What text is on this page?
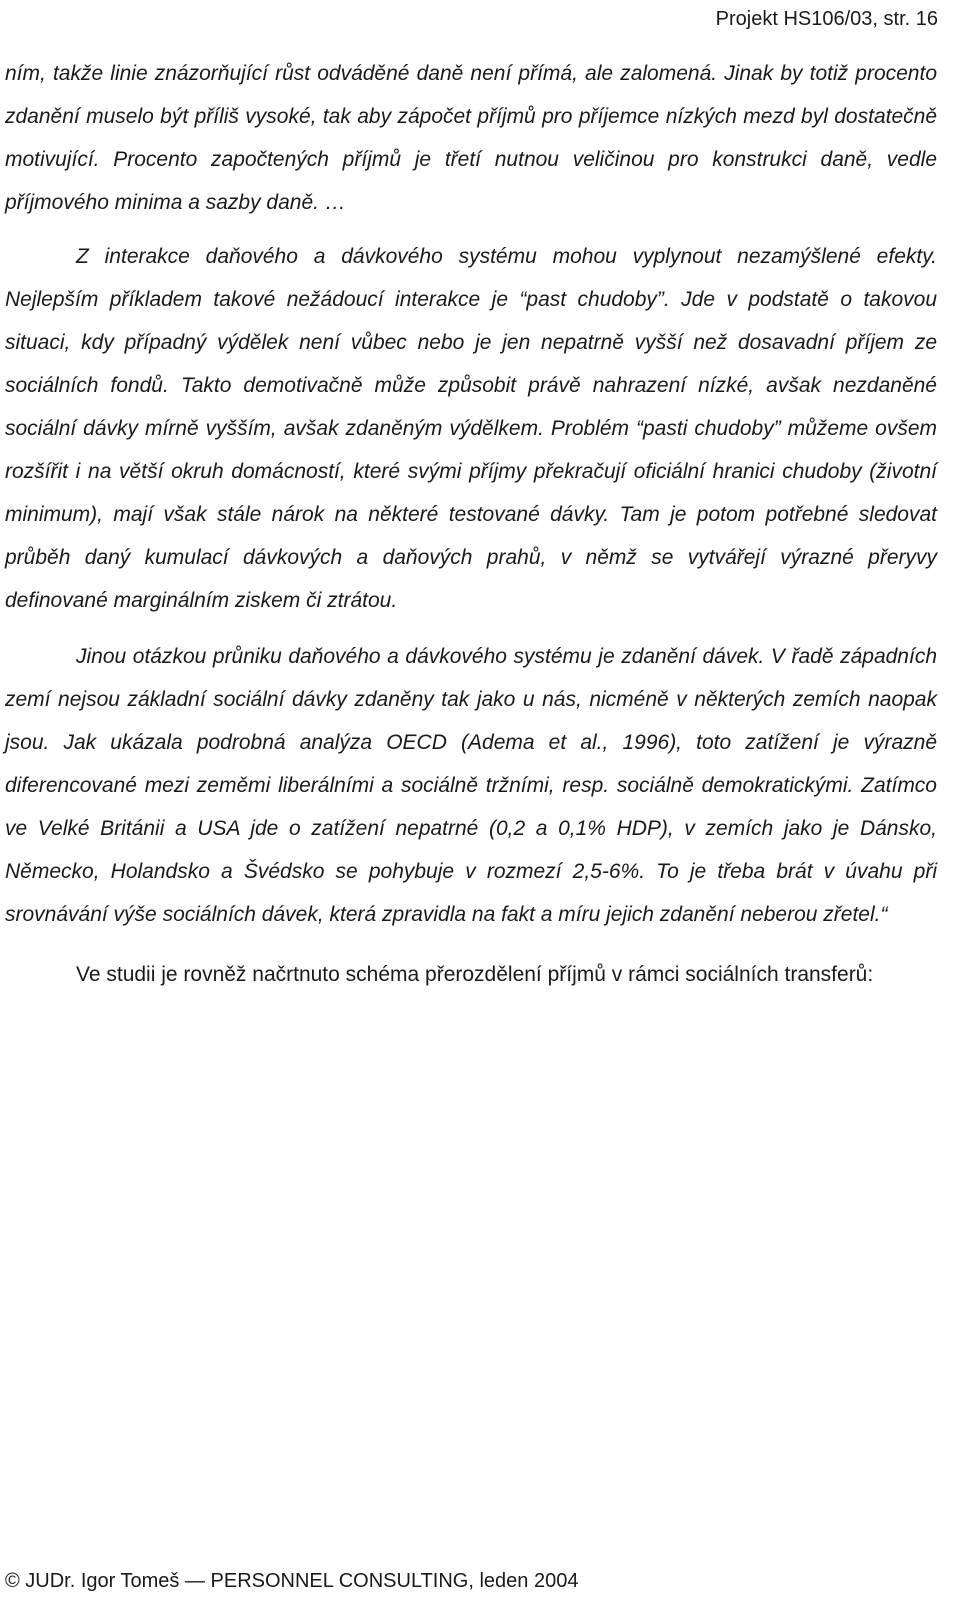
Projekt HS106/03, str. 16

ním, takže linie znázorňující růst odváděné daně není přímá, ale zalomená. Jinak by totiž procento zdanění muselo být příliš vysoké, tak aby zápočet příjmů pro příjemce nízkých mezd byl dostatečně motivující. Procento započtených příjmů je třetí nutnou veličinou pro konstrukci daně, vedle příjmového minima a sazby daně. …

Z interakce daňového a dávkového systému mohou vyplynout nezamýšlené efekty. Nejlepším příkladem takové nežádoucí interakce je “past chudoby”. Jde v podstatě o takovou situaci, kdy případný výdělek není vůbec nebo je jen nepatrně vyšší než dosavadní příjem ze sociálních fondů. Takto demotivačně může způsobit právě nahrazení nízké, avšak nezdaněné sociální dávky mírně vyšším, avšak zdaněným výdělkem. Problém “pasti chudoby” můžeme ovšem rozšířit i na větší okruh domácností, které svými příjmy překračují oficiální hranici chudoby (životní minimum), mají však stále nárok na některé testované dávky. Tam je potom potřebné sledovat průběh daný kumulací dávkových a daňových prahů, v němž se vytvářejí výrazné přeryvy definované marginálním ziskem či ztrátou.

Jinou otázkou průniku daňového a dávkového systému je zdanění dávek. V řadě západních zemí nejsou základní sociální dávky zdaněny tak jako u nás, nicméně v některých zemích naopak jsou. Jak ukázala podrobná analýza OECD (Adema et al., 1996), toto zatížení je výrazně diferencované mezi zeměmi liberálními a sociálně tržními, resp. sociálně demokratickými. Zatímco ve Velké Británii a USA jde o zatížení nepatrné (0,2 a 0,1% HDP), v zemích jako je Dánsko, Německo, Holandsko a Švédsko se pohybuje v rozmezí 2,5-6%. To je třeba brát v úvahu při srovnávání výše sociálních dávek, která zpravidla na fakt a míru jejich zdanění neberou zřetel.“

Ve studii je rovněž načrtnuto schéma přerozdělení příjmů v rámci sociálních transferů:

© JUDr. Igor Tomeš — PERSONNEL CONSULTING, leden 2004
